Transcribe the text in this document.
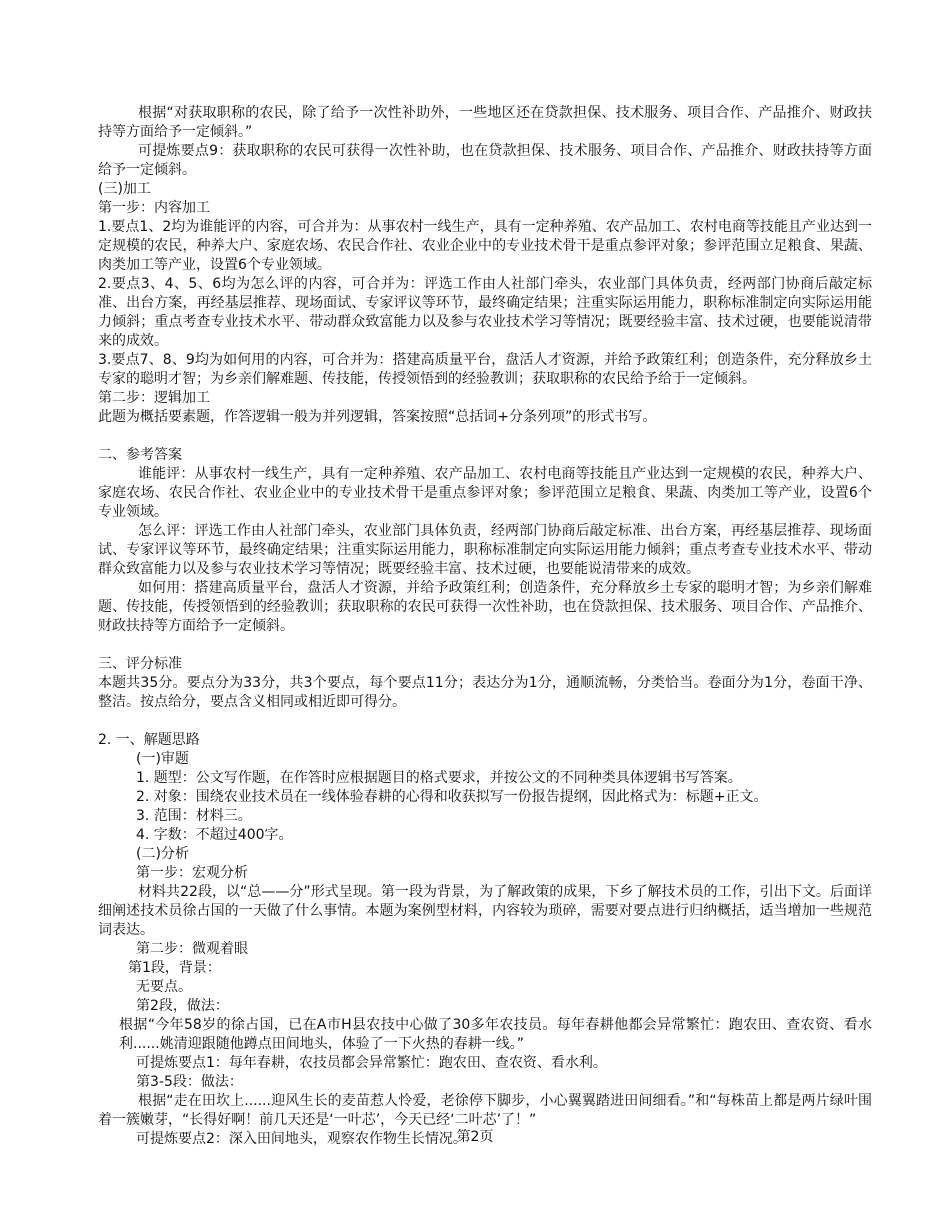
根据“对获取职称的农民，除了给予一次性补助外，一些地区还在贷款担保、技术服务、项目合作、产品推介、财政扶持等方面给予一定倾斜。”

可提炼要点9：获取职称的农民可获得一次性补助，也在贷款担保、技术服务、项目合作、产品推介、财政扶持等方面给予一定倾斜。

(三)加工

第一步：内容加工

1.要点1、2均为谁能评的内容，可合并为：从事农村一线生产，具有一定种养殖、农产品加工、农村电商等技能且产业达到一定规模的农民，种养大户、家庭农场、农民合作社、农业企业中的专业技术骨干是重点参评对象；参评范围立足粮食、果蔬、肉类加工等产业，设置6个专业领域。

2.要点3、4、5、6均为怎么评的内容，可合并为：评选工作由人社部门牵头，农业部门具体负责，经两部门协商后敲定标准、出台方案，再经基层推荐、现场面试、专家评议等环节，最终确定结果；注重实际运用能力，职称标准制定向实际运用能力倾斜；重点考查专业技术水平、带动群众致富能力以及参与农业技术学习等情况；既要经验丰富、技术过硬，也要能说清带来的成效。

3.要点7、8、9均为如何用的内容，可合并为：搭建高质量平台，盘活人才资源，并给予政策红利；创造条件，充分释放乡土专家的聪明才智；为乡亲们解难题、传技能，传授领悟到的经验教训；获取职称的农民给予给于一定倾斜。

第二步：逻辑加工

此题为概括要素题，作答逻辑一般为并列逻辑，答案按照“总括词+分条列项”的形式书写。

二、参考答案

谁能评：从事农村一线生产，具有一定种养殖、农产品加工、农村电商等技能且产业达到一定规模的农民，种养大户、家庭农场、农民合作社、农业企业中的专业技术骨干是重点参评对象；参评范围立足粮食、果蔬、肉类加工等产业，设置6个专业领域。

怎么评：评选工作由人社部门牵头，农业部门具体负责，经两部门协商后敲定标准、出台方案，再经基层推荐、现场面试、专家评议等环节，最终确定结果；注重实际运用能力，职称标准制定向实际运用能力倾斜；重点考查专业技术水平、带动群众致富能力以及参与农业技术学习等情况；既要经验丰富、技术过硬，也要能说清带来的成效。

如何用：搭建高质量平台，盘活人才资源，并给予政策红利；创造条件，充分释放乡土专家的聪明才智；为乡亲们解难题、传技能，传授领悟到的经验教训；获取职称的农民可获得一次性补助，也在贷款担保、技术服务、项目合作、产品推介、财政扶持等方面给予一定倾斜。

三、评分标准

本题共35分。要点分为33分，共3个要点，每个要点11分；表达分为1分，通顺流畅，分类恰当。卷面分为1分，卷面干净、整洁。按点给分，要点含义相同或相近即可得分。

2. 一、解题思路

(一)审题

1. 题型：公文写作题，在作答时应根据题目的格式要求，并按公文的不同种类具体逻辑书写答案。

2. 对象：围绕农业技术员在一线体验春耕的心得和收获拟写一份报告提纲，因此格式为：标题+正文。

3. 范围：材料三。

4. 字数：不超过400字。

(二)分析

第一步：宏观分析

材料共22段，以“总——分”形式呈现。第一段为背景，为了解政策的成果，下乡了解技术员的工作，引出下文。后面详细阐述技术员徐占国的一天做了什么事情。本题为案例型材料，内容较为琐碎，需要对要点进行归纳概括，适当增加一些规范词表达。

第二步：微观着眼

第1段，背景：

无要点。

第2段，做法：

根据“今年58岁的徐占国，已在A市H县农技中心做了30多年农技员。每年春耕他都会异常繁忙：跑农田、查农资、看水利......姚清迎跟随他蹲点田间地头，体验了一下火热的春耕一线。”

可提炼要点1：每年春耕，农技员都会异常繁忙：跑农田、查农资、看水利。

第3-5段：做法：

根据“走在田坎上......迎风生长的麦苗惹人怜爱，老徐停下脚步，小心翼翼踏进田间细看。”和“每株苗上都是两片绿叶围着一簇嫩芽，“长得好啊！前几天还是‘一叶芯’，今天已经‘二叶芯’了！”

可提炼要点2：深入田间地头，观察农作物生长情况。

第2页
